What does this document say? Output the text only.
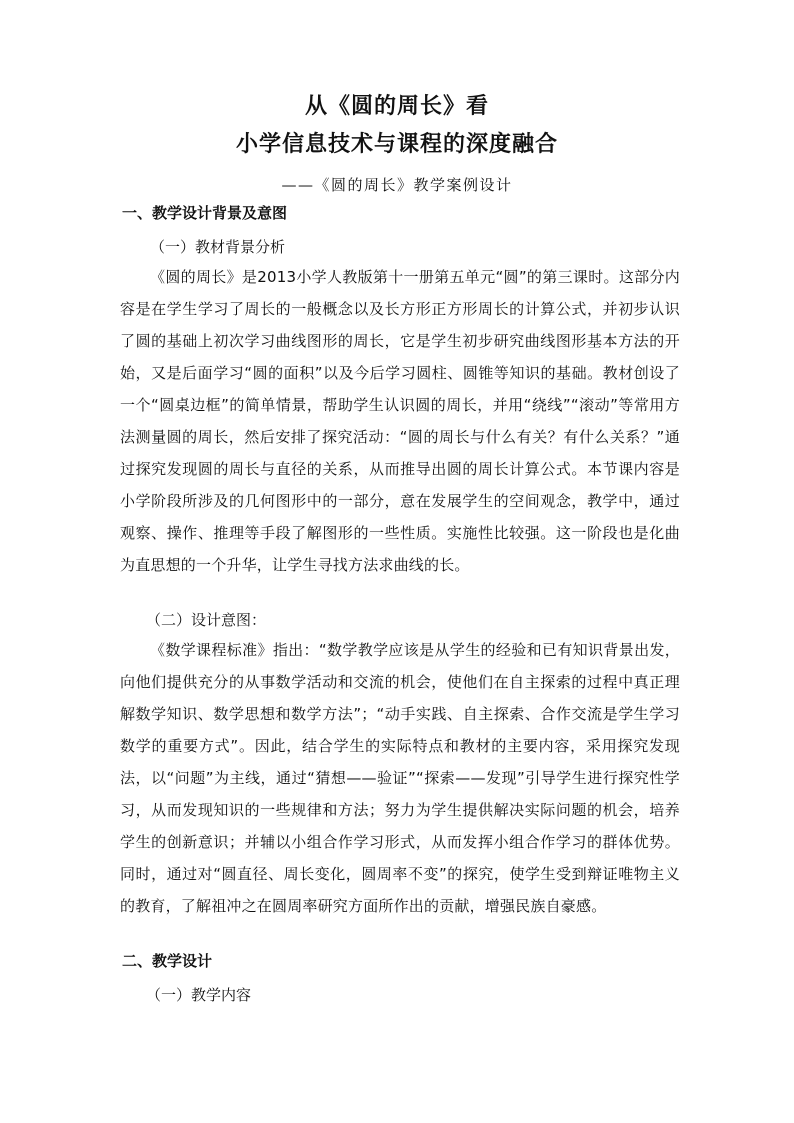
从《圆的周长》看
小学信息技术与课程的深度融合
——《圆的周长》教学案例设计
一、教学设计背景及意图
（一）教材背景分析

《圆的周长》是2013小学人教版第十一册第五单元“圆”的第三课时。这部分内容是在学生学习了周长的一般概念以及长方形正方形周长的计算公式，并初步认识了圆的基础上初次学习曲线图形的周长，它是学生初步研究曲线图形基本方法的开始，又是后面学习“圆的面积”以及今后学习圆柱、圆锥等知识的基础。教材创设了一个“圆桌边框”的简单情景，帮助学生认识圆的周长，并用“绕线”“滚动”等常用方法测量圆的周长，然后安排了探究活动：“圆的周长与什么有关？有什么关系？”通过探究发现圆的周长与直径的关系，从而推导出圆的周长计算公式。本节课内容是小学阶段所涉及的几何图形中的一部分，意在发展学生的空间观念，教学中，通过观察、操作、推理等手段了解图形的一些性质。实施性比较强。这一阶段也是化曲为直思想的一个升华，让学生寻找方法求曲线的长。

（二）设计意图：

《数学课程标准》指出：“数学教学应该是从学生的经验和已有知识背景出发，向他们提供充分的从事数学活动和交流的机会，使他们在自主探索的过程中真正理解数学知识、数学思想和数学方法”；“动手实践、自主探索、合作交流是学生学习数学的重要方式”。因此，结合学生的实际特点和教材的主要内容，采用探究发现法，以“问题”为主线，通过“猜想——验证”“探索——发现”引导学生进行探究性学习，从而发现知识的一些规律和方法；努力为学生提供解决实际问题的机会，培养学生的创新意识；并辅以小组合作学习形式，从而发挥小组合作学习的群体优势。同时，通过对“圆直径、周长变化，圆周率不变”的探究，使学生受到辩证唯物主义的教育，了解祖冲之在圆周率研究方面所作出的贡献，增强民族自豪感。

二、教学设计
（一）教学内容
